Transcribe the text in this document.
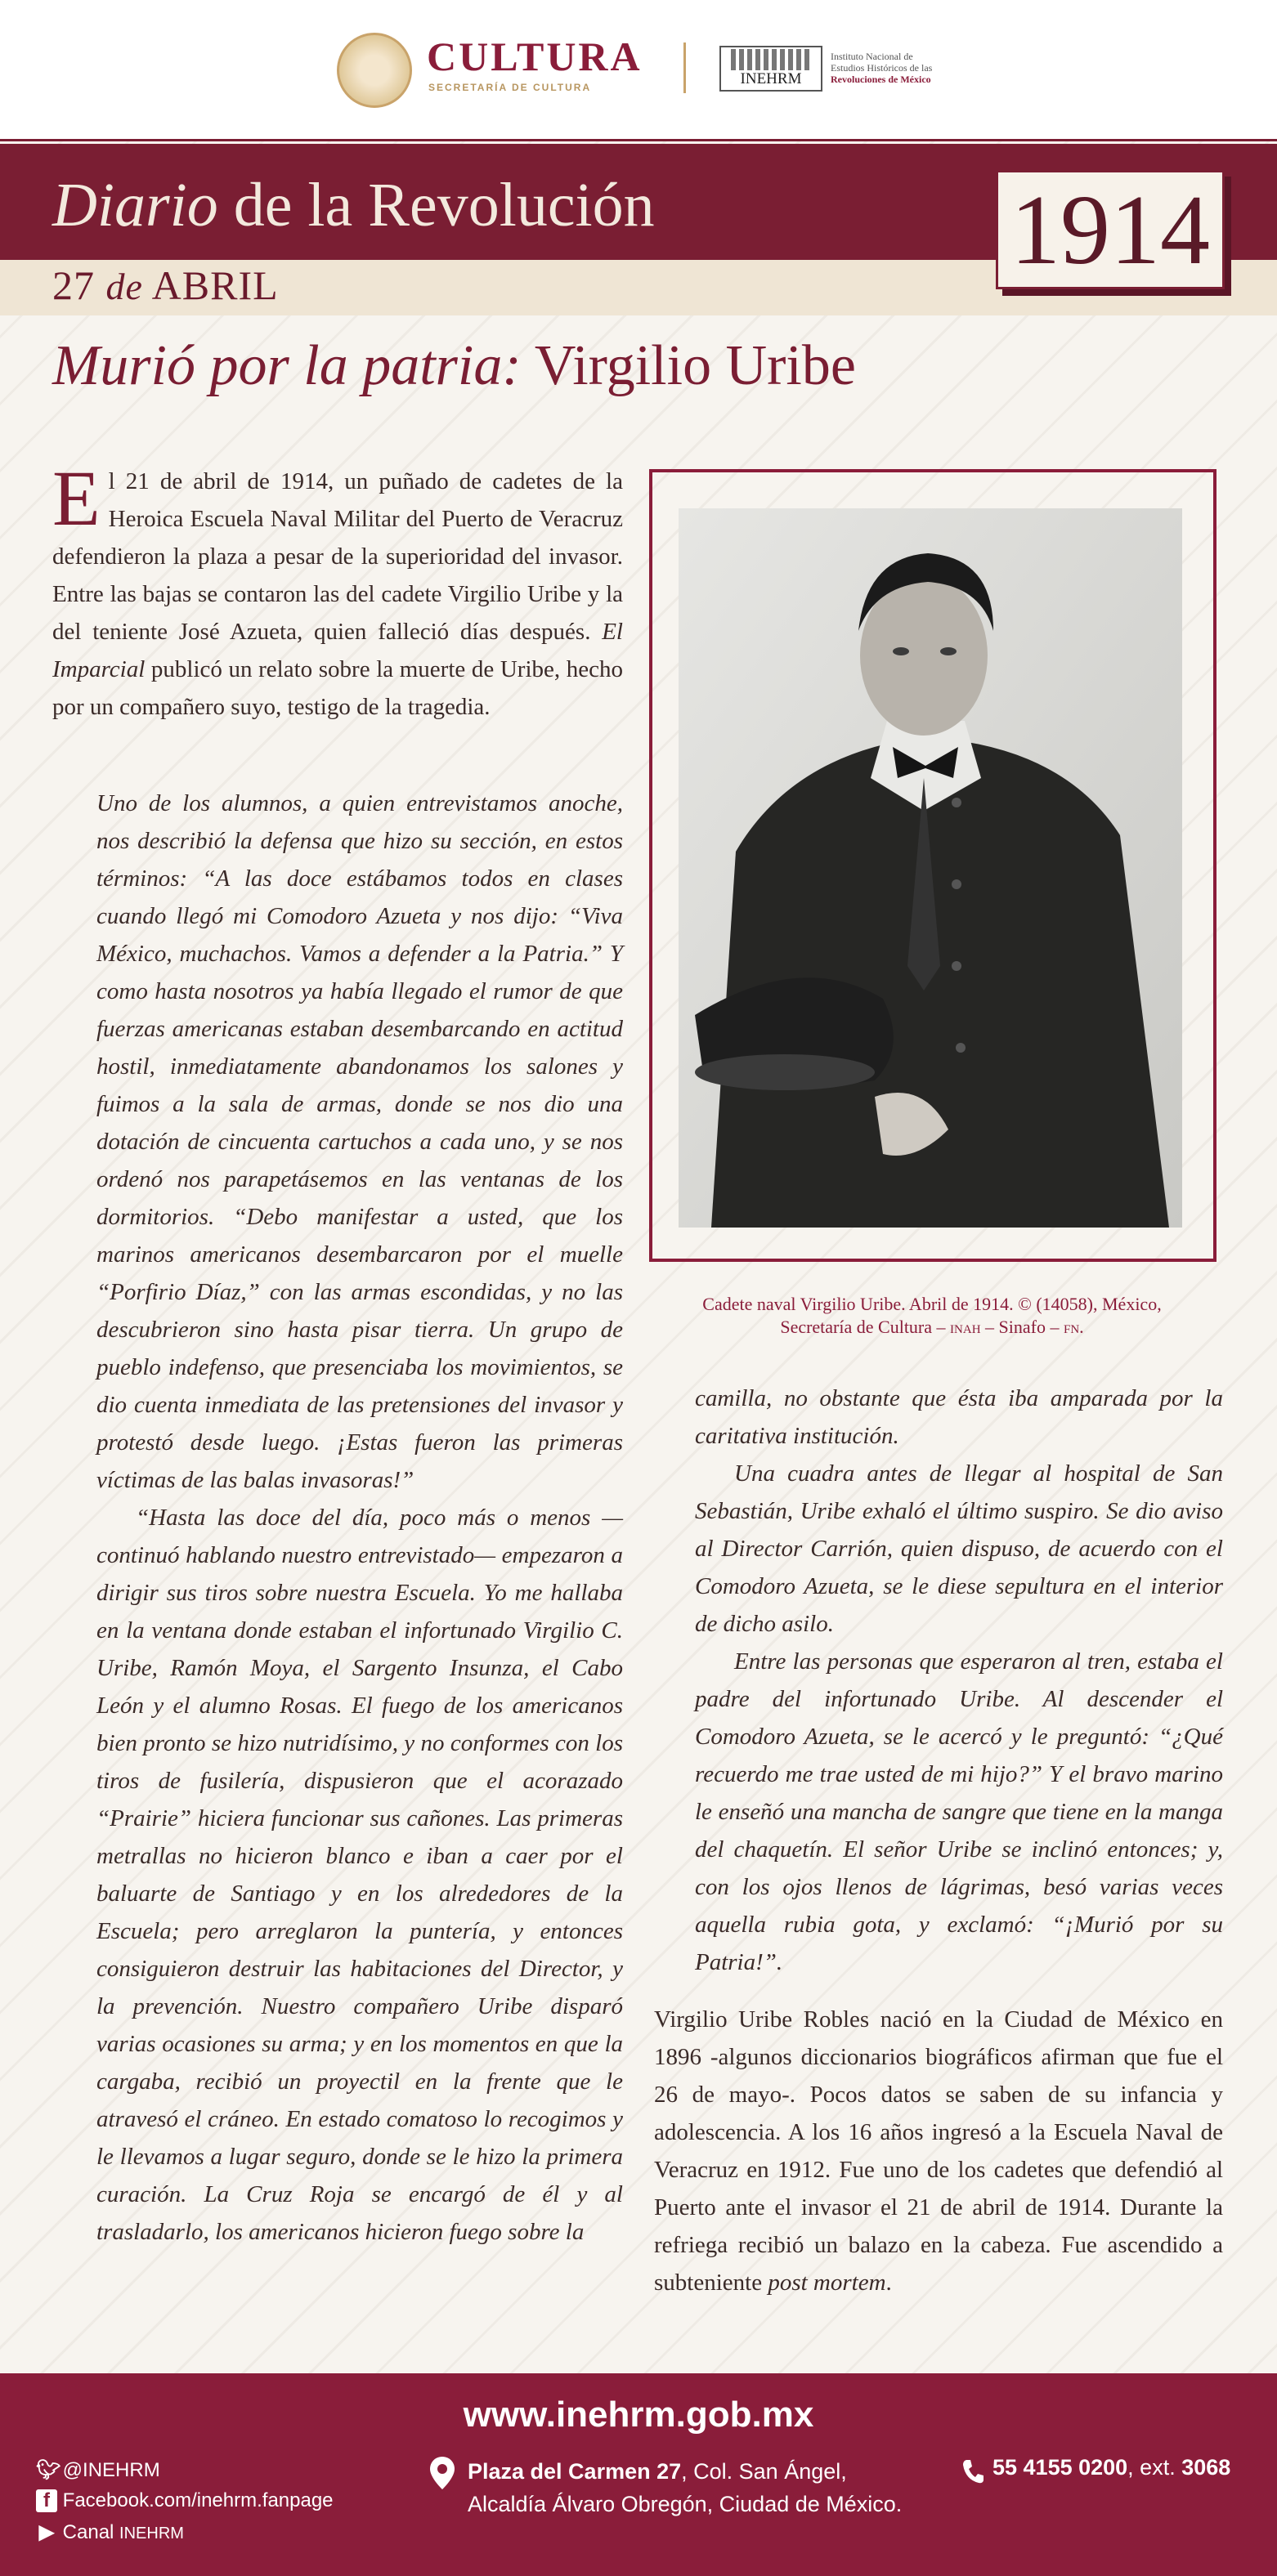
CULTURA
SECRETARÍA DE CULTURA	INEHRM
Instituto Nacional de
Estudios Históricos de las
Revoluciones de México
Diario de la Revolución
27 de ABRIL	1914
Murió por la patria: Virgilio Uribe

El 21 de abril de 1914, un puñado de cadetes de la Heroica Escuela Naval Militar del Puerto de Veracruz defendieron la plaza a pesar de la superioridad del invasor. Entre las bajas se contaron las del cadete Virgilio Uribe y la del teniente José Azueta, quien falleció días después. El Imparcial publicó un relato sobre la muerte de Uribe, hecho por un compañero suyo, testigo de la tragedia.

Uno de los alumnos, a quien entrevistamos anoche, nos describió la defensa que hizo su sección, en estos términos: “A las doce estábamos todos en clases cuando llegó mi Comodoro Azueta y nos dijo: “Viva México, muchachos. Vamos a defender a la Patria.” Y como hasta nosotros ya había llegado el rumor de que fuerzas americanas estaban desembarcando en actitud hostil, inmediatamente abandonamos los salones y fuimos a la sala de armas, donde se nos dio una dotación de cincuenta cartuchos a cada uno, y se nos ordenó nos parapetásemos en las ventanas de los dormitorios. “Debo manifestar a usted, que los marinos americanos desembarcaron por el muelle “Porfirio Díaz,” con las armas escondidas, y no las descubrieron sino hasta pisar tierra. Un grupo de pueblo indefenso, que presenciaba los movimientos, se dio cuenta inmediata de las pretensiones del invasor y protestó desde luego. ¡Estas fueron las primeras víctimas de las balas invasoras!”

“Hasta las doce del día, poco más o menos —continuó hablando nuestro entrevistado— empezaron a dirigir sus tiros sobre nuestra Escuela. Yo me hallaba en la ventana donde estaban el infortunado Virgilio C. Uribe, Ramón Moya, el Sargento Insunza, el Cabo León y el alumno Rosas. El fuego de los americanos bien pronto se hizo nutridísimo, y no conformes con los tiros de fusilería, dispusieron que el acorazado “Prairie” hiciera funcionar sus cañones. Las primeras metrallas no hicieron blanco e iban a caer por el baluarte de Santiago y en los alrededores de la Escuela; pero arreglaron la puntería, y entonces consiguieron destruir las habitaciones del Director, y la prevención. Nuestro compañero Uribe disparó varias ocasiones su arma; y en los momentos en que la cargaba, recibió un proyectil en la frente que le atravesó el cráneo. En estado comatoso lo recogimos y le llevamos a lugar seguro, donde se le hizo la primera curación. La Cruz Roja se encargó de él y al trasladarlo, los americanos hicieron fuego sobre la

Cadete naval Virgilio Uribe. Abril de 1914. © (14058), México,
Secretaría de Cultura – inah – Sinafo – fn.

camilla, no obstante que ésta iba amparada por la caritativa institución.

Una cuadra antes de llegar al hospital de San Sebastián, Uribe exhaló el último suspiro. Se dio aviso al Director Carrión, quien dispuso, de acuerdo con el Comodoro Azueta, se le diese sepultura en el interior de dicho asilo.

Entre las personas que esperaron al tren, estaba el padre del infortunado Uribe. Al descender el Comodoro Azueta, se le acercó y le preguntó: “¿Qué recuerdo me trae usted de mi hijo?” Y el bravo marino le enseñó una mancha de sangre que tiene en la manga del chaquetín. El señor Uribe se inclinó entonces; y, con los ojos llenos de lágrimas, besó varias veces aquella rubia gota, y exclamó: “¡Murió por su Patria!”.

Virgilio Uribe Robles nació en la Ciudad de México en 1896 -algunos diccionarios biográficos afirman que fue el 26 de mayo-. Pocos datos se saben de su infancia y adolescencia. A los 16 años ingresó a la Escuela Naval de Veracruz en 1912. Fue uno de los cadetes que defendió al Puerto ante el invasor el 21 de abril de 1914. Durante la refriega recibió un balazo en la cabeza. Fue ascendido a subteniente post mortem.

www.inehrm.gob.mx
🐦︎ @INEHRM
f Facebook.com/inehrm.fanpage
▶ Canal INEHRM
Plaza del Carmen 27, Col. San Ángel,
Alcaldía Álvaro Obregón, Ciudad de México.
55 4155 0200, ext. 3068
